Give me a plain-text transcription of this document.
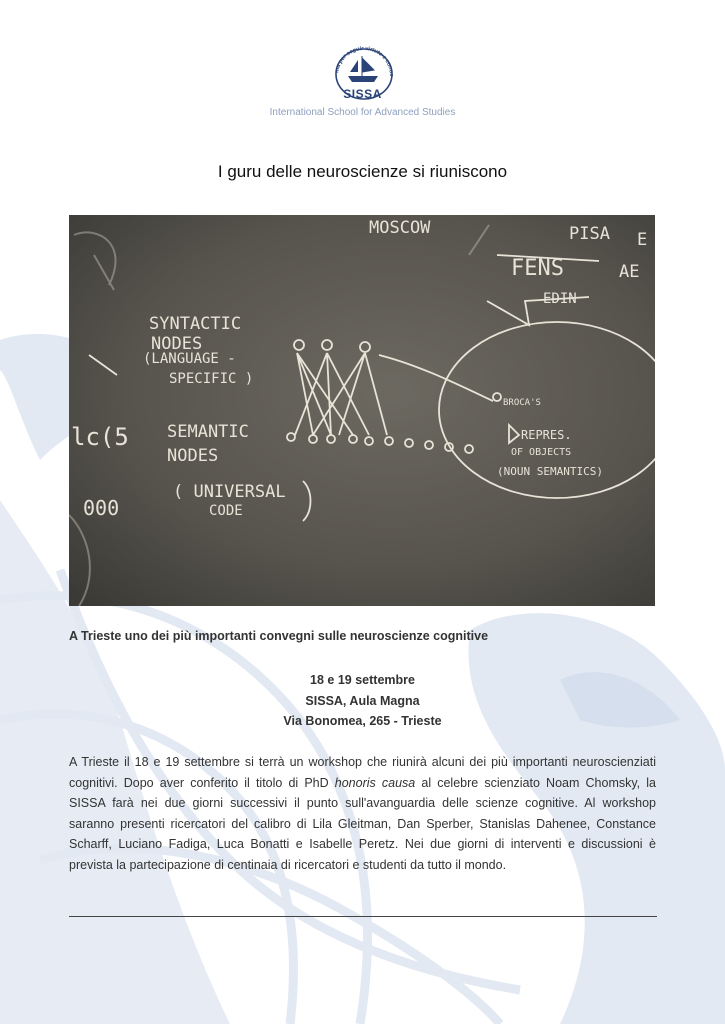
ma per seguir virtute e conos
SISSA
International School for Advanced Studies
I guru delle neuroscienze si riuniscono
MOSCOW	PISA E
FENS	AE
EDIN
SYNTACTIC
NODES
(LANGUAGE -
SPECIFIC )
SEMANTIC
NODES
( UNIVERSAL
CODE
BROCA'S
REPRES.
OF OBJECTS
(NOUN SEMANTICS)
lc(5
000

A Trieste uno dei più importanti convegni sulle neuroscienze cognitive

18 e 19 settembre
SISSA, Aula Magna
Via Bonomea, 265 - Trieste

A Trieste il 18 e 19 settembre si terrà un workshop che riunirà alcuni dei più importanti neuroscienziati cognitivi. Dopo aver conferito il titolo di PhD honoris causa al celebre scienziato Noam Chomsky, la SISSA farà nei due giorni successivi il punto sull'avanguardia delle scienze cognitive. Al workshop saranno presenti ricercatori del calibro di Lila Gleitman, Dan Sperber, Stanislas Dahenee, Constance Scharff, Luciano Fadiga, Luca Bonatti e Isabelle Peretz. Nei due giorni di interventi e discussioni è prevista la partecipazione di centinaia di ricercatori e studenti da tutto il mondo.
